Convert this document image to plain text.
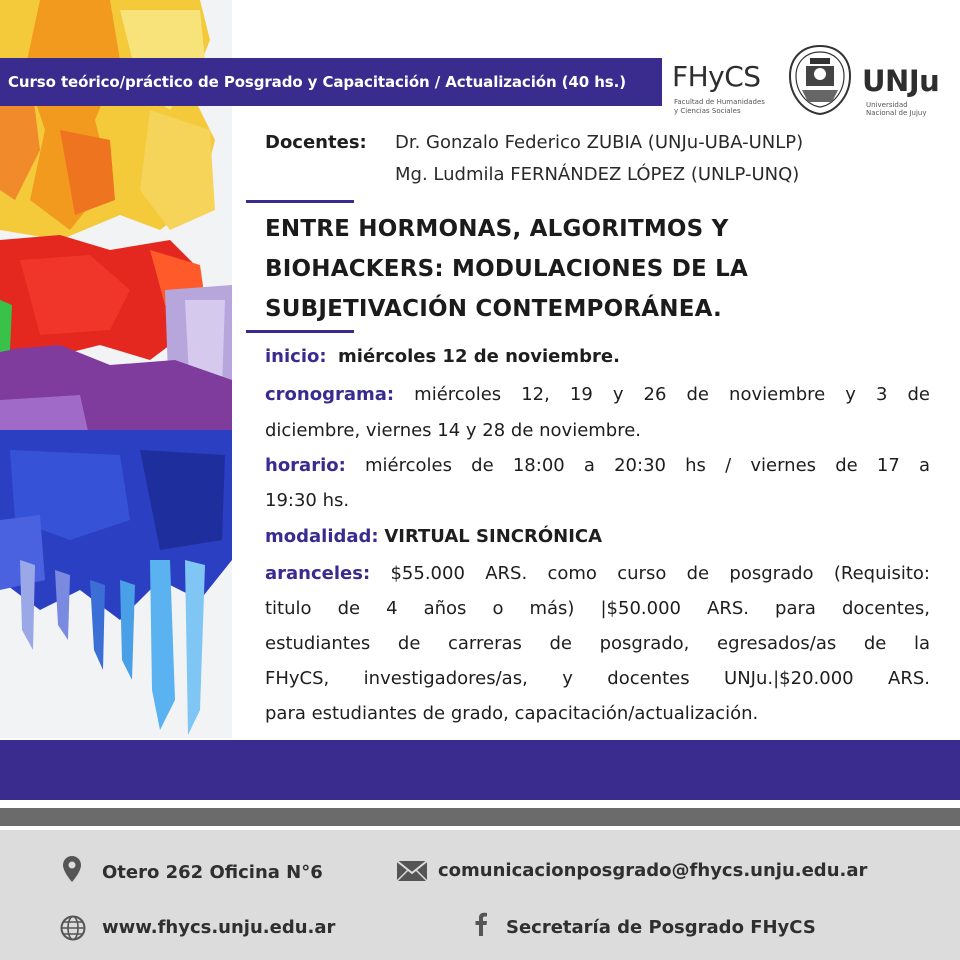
Curso teórico/práctico de Posgrado y Capacitación / Actualización (40 hs.) FHyCS
Facultad de Humanidades
y Ciencias Sociales
UNJu
Universidad
Nacional de Jujuy
Docentes: Dr. Gonzalo Federico ZUBIA (UNJu-UBA-UNLP)
Mg. Ludmila FERNÁNDEZ LÓPEZ (UNLP-UNQ)
ENTRE HORMONAS, ALGORITMOS Y
BIOHACKERS: MODULACIONES DE LA
SUBJETIVACIÓN CONTEMPORÁNEA.
inicio: miércoles 12 de noviembre.
cronograma: miércoles 12, 19 y 26 de noviembre y 3 de
diciembre, viernes 14 y 28 de noviembre.
horario: miércoles de 18:00 a 20:30 hs / viernes de 17 a
19:30 hs.
modalidad: VIRTUAL SINCRÓNICA
aranceles: $55.000 ARS. como curso de posgrado (Requisito:
titulo de 4 años o más) |$50.000 ARS. para docentes,
estudiantes de carreras de posgrado, egresados/as de la
FHyCS, investigadores/as, y docentes UNJu.|$20.000 ARS.
para estudiantes de grado, capacitación/actualización.
Otero 262 Oficina N°6	comunicacionposgrado@fhycs.unju.edu.ar
www.fhycs.unju.edu.ar	Secretaría de Posgrado FHyCS
